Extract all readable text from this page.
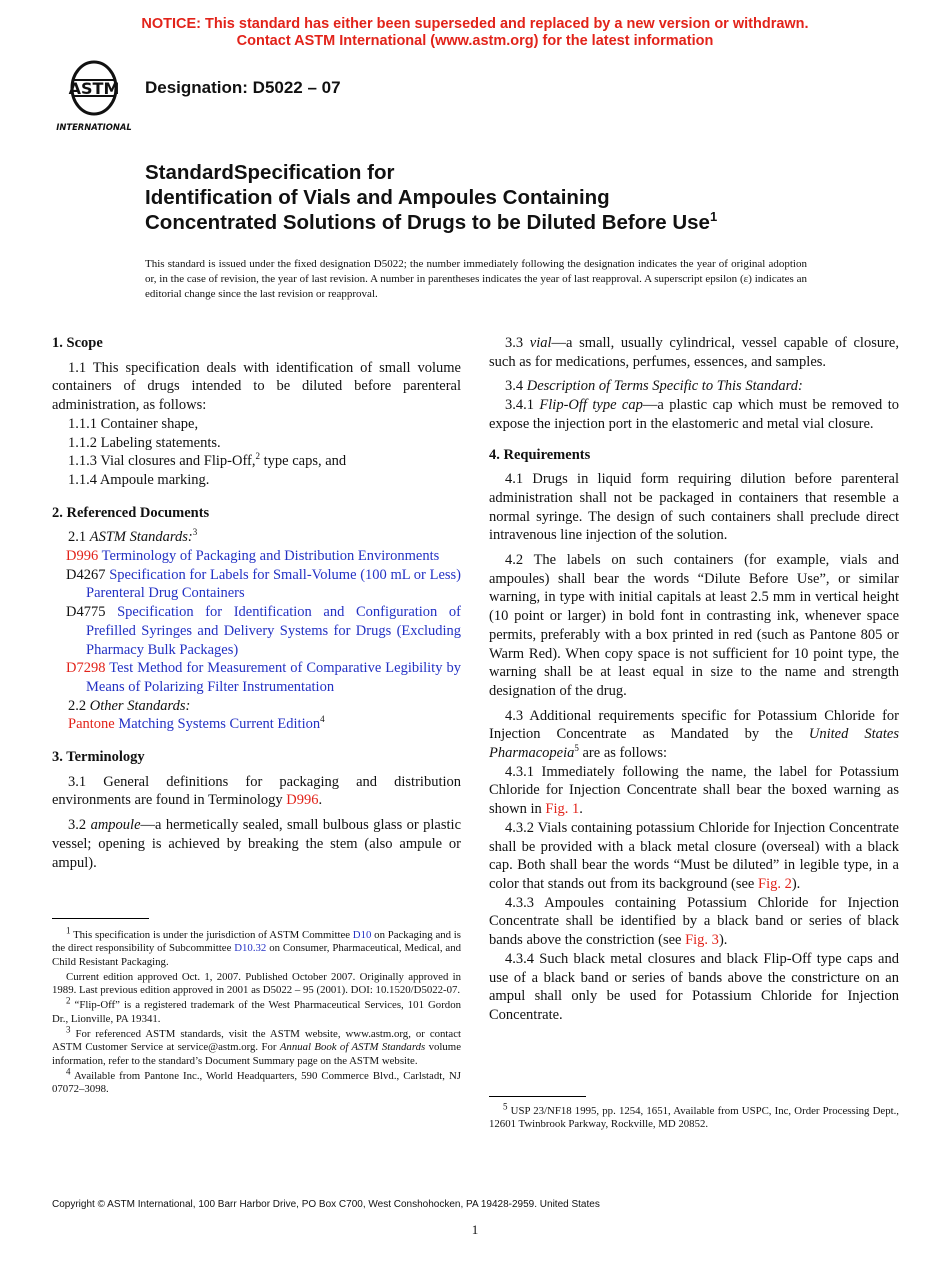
NOTICE: This standard has either been superseded and replaced by a new version or withdrawn.
Contact ASTM International (www.astm.org) for the latest information
ASTM
INTERNATIONAL
Designation: D5022 – 07
StandardSpecification for
Identification of Vials and Ampoules Containing
Concentrated Solutions of Drugs to be Diluted Before Use$^1$
This standard is issued under the fixed designation D5022; the number immediately following the designation indicates the year of original adoption or, in the case of revision, the year of last revision. A number in parentheses indicates the year of last reapproval. A superscript epsilon (ε) indicates an editorial change since the last revision or reapproval.

1. Scope

1.1 This specification deals with identification of small volume containers of drugs intended to be diluted before parenteral administration, as follows:

1.1.1 Container shape,

1.1.2 Labeling statements.

1.1.3 Vial closures and Flip-Off,$^2$ type caps, and

1.1.4 Ampoule marking.

2. Referenced Documents

2.1 ASTM Standards:$^3$

D996 Terminology of Packaging and Distribution Environments

D4267 Specification for Labels for Small-Volume (100 mL or Less) Parenteral Drug Containers

D4775 Specification for Identification and Configuration of Prefilled Syringes and Delivery Systems for Drugs (Excluding Pharmacy Bulk Packages)

D7298 Test Method for Measurement of Comparative Legibility by Means of Polarizing Filter Instrumentation

2.2 Other Standards:

Pantone Matching Systems Current Edition$^4$

3. Terminology

3.1 General definitions for packaging and distribution environments are found in Terminology D996.

3.2 ampoule—a hermetically sealed, small bulbous glass or plastic vessel; opening is achieved by breaking the stem (also ampule or ampul).

$^1$ This specification is under the jurisdiction of ASTM Committee D10 on Packaging and is the direct responsibility of Subcommittee D10.32 on Consumer, Pharmaceutical, Medical, and Child Resistant Packaging.

Current edition approved Oct. 1, 2007. Published October 2007. Originally approved in 1989. Last previous edition approved in 2001 as D5022 – 95 (2001). DOI: 10.1520/D5022-07.

$^2$ “Flip-Off” is a registered trademark of the West Pharmaceutical Services, 101 Gordon Dr., Lionville, PA 19341.

$^3$ For referenced ASTM standards, visit the ASTM website, www.astm.org, or contact ASTM Customer Service at service@astm.org. For Annual Book of ASTM Standards volume information, refer to the standard’s Document Summary page on the ASTM website.

$^4$ Available from Pantone Inc., World Headquarters, 590 Commerce Blvd., Carlstadt, NJ 07072–3098.

3.3 vial—a small, usually cylindrical, vessel capable of closure, such as for medications, perfumes, essences, and samples.

3.4 Description of Terms Specific to This Standard:

3.4.1 Flip-Off type cap—a plastic cap which must be removed to expose the injection port in the elastomeric and metal vial closure.

4. Requirements

4.1 Drugs in liquid form requiring dilution before parenteral administration shall not be packaged in containers that resemble a normal syringe. The design of such containers shall preclude direct intravenous line injection of the solution.

4.2 The labels on such containers (for example, vials and ampoules) shall bear the words “Dilute Before Use”, or similar warning, in type with initial capitals at least 2.5 mm in vertical height (10 point or larger) in bold font in contrasting ink, whenever space permits, preferably with a box printed in red (such as Pantone 805 or Warm Red). When copy space is not sufficient for 10 point type, the warning shall be at least equal in size to the name and strength designation of the drug.

4.3 Additional requirements specific for Potassium Chloride for Injection Concentrate as Mandated by the United States Pharmacopeia$^5$ are as follows:

4.3.1 Immediately following the name, the label for Potassium Chloride for Injection Concentrate shall bear the boxed warning as shown in Fig. 1.

4.3.2 Vials containing potassium Chloride for Injection Concentrate shall be provided with a black metal closure (overseal) with a black cap. Both shall bear the words “Must be diluted” in legible type, in a color that stands out from its background (see Fig. 2).

4.3.3 Ampoules containing Potassium Chloride for Injection Concentrate shall be identified by a black band or series of black bands above the constriction (see Fig. 3).

4.3.4 Such black metal closures and black Flip-Off type caps and use of a black band or series of bands above the constricture on an ampul shall only be used for Potassium Chloride for Injection Concentrate.

$^5$ USP 23/NF18 1995, pp. 1254, 1651, Available from USPC, Inc, Order Processing Dept., 12601 Twinbrook Parkway, Rockville, MD 20852.

Copyright © ASTM International, 100 Barr Harbor Drive, PO Box C700, West Conshohocken, PA 19428-2959. United States
1
